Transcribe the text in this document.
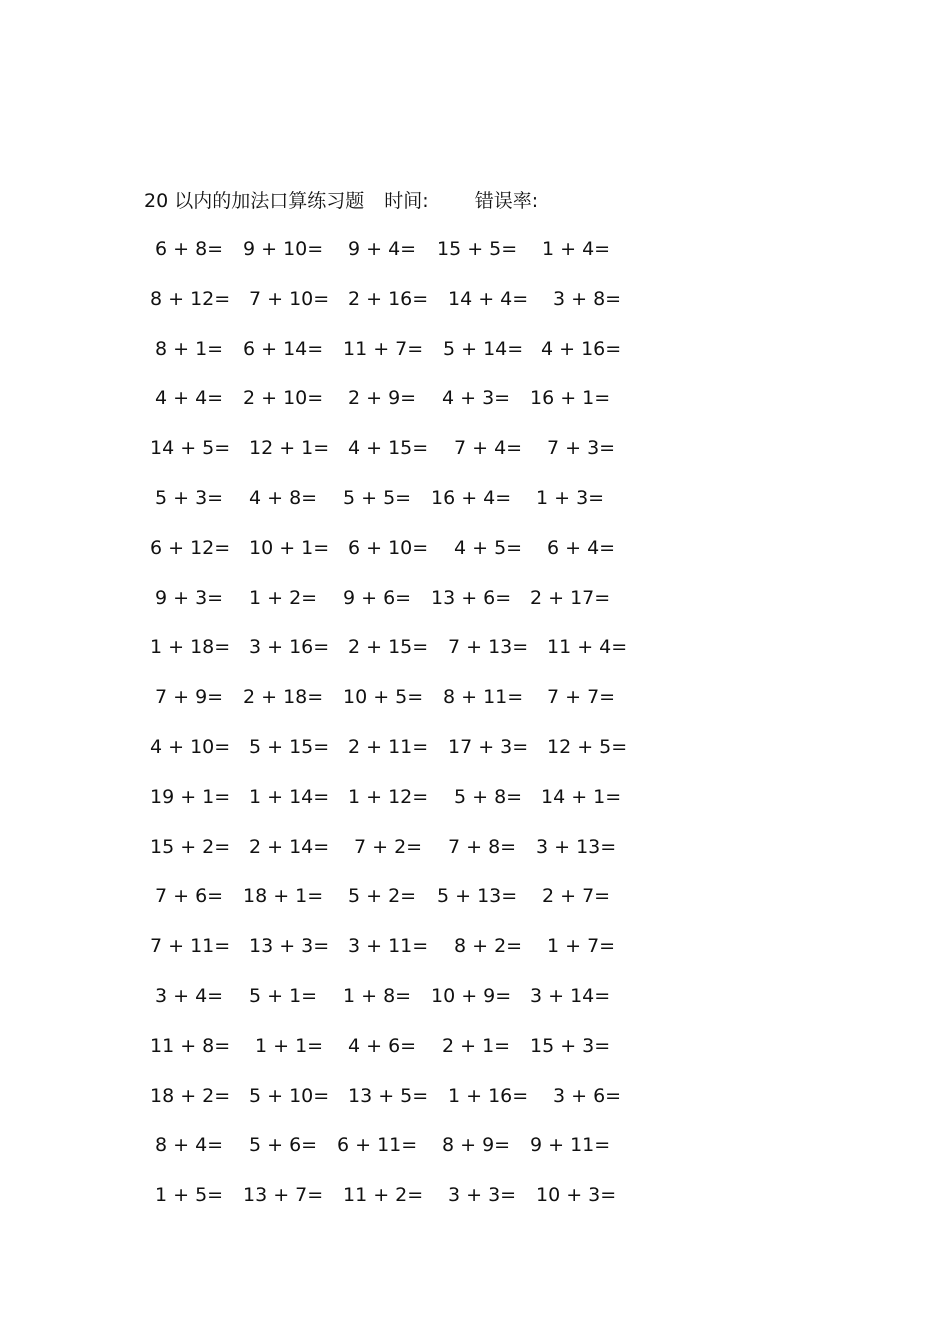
20 以内的加法口算练习题 时间: 错误率:
6 + 8= 9 + 10= 9 + 4= 15 + 5= 1 + 4=
8 + 12= 7 + 10= 2 + 16= 14 + 4= 3 + 8=
8 + 1= 6 + 14= 11 + 7= 5 + 14= 4 + 16=
4 + 4= 2 + 10= 2 + 9= 4 + 3= 16 + 1=
14 + 5= 12 + 1= 4 + 15= 7 + 4= 7 + 3=
5 + 3= 4 + 8= 5 + 5= 16 + 4= 1 + 3=
6 + 12= 10 + 1= 6 + 10= 4 + 5= 6 + 4=
9 + 3= 1 + 2= 9 + 6= 13 + 6= 2 + 17=
1 + 18= 3 + 16= 2 + 15= 7 + 13= 11 + 4=
7 + 9= 2 + 18= 10 + 5= 8 + 11= 7 + 7=
4 + 10= 5 + 15= 2 + 11= 17 + 3= 12 + 5=
19 + 1= 1 + 14= 1 + 12= 5 + 8= 14 + 1=
15 + 2= 2 + 14= 7 + 2= 7 + 8= 3 + 13=
7 + 6= 18 + 1= 5 + 2= 5 + 13= 2 + 7=
7 + 11= 13 + 3= 3 + 11= 8 + 2= 1 + 7=
3 + 4= 5 + 1= 1 + 8= 10 + 9= 3 + 14=
11 + 8= 1 + 1= 4 + 6= 2 + 1= 15 + 3=
18 + 2= 5 + 10= 13 + 5= 1 + 16= 3 + 6=
8 + 4= 5 + 6= 6 + 11= 8 + 9= 9 + 11=
1 + 5= 13 + 7= 11 + 2= 3 + 3= 10 + 3=
